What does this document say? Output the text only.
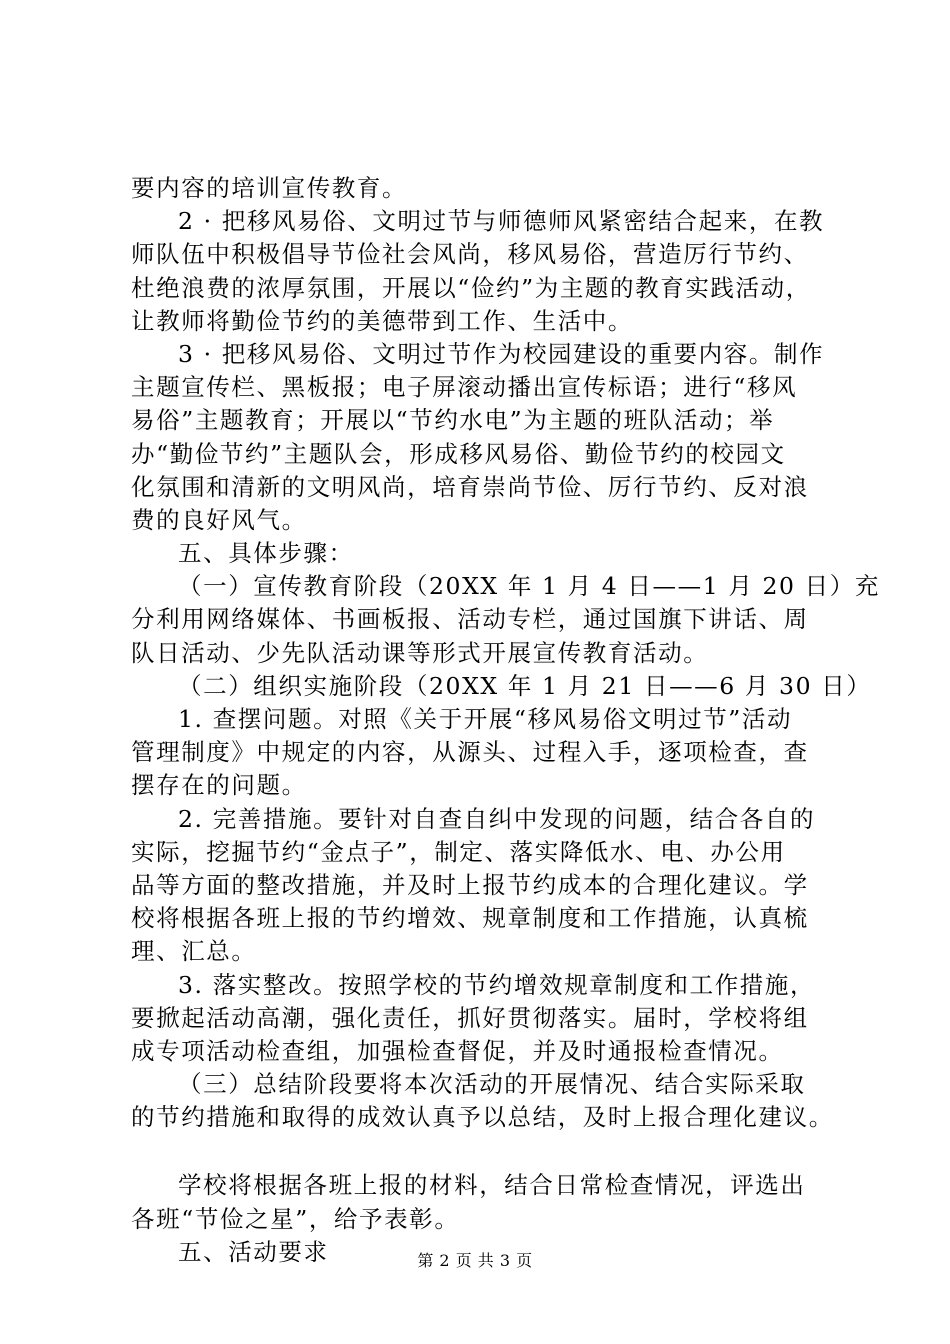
要内容的培训宣传教育。
2 · 把移风易俗、文明过节与师德师风紧密结合起来，在教
师队伍中积极倡导节俭社会风尚，移风易俗，营造厉行节约、
杜绝浪费的浓厚氛围，开展以“俭约”为主题的教育实践活动，
让教师将勤俭节约的美德带到工作、生活中。
3 · 把移风易俗、文明过节作为校园建设的重要内容。制作
主题宣传栏、黑板报；电子屏滚动播出宣传标语；进行“移风
易俗”主题教育；开展以“节约水电”为主题的班队活动；举
办“勤俭节约”主题队会，形成移风易俗、勤俭节约的校园文
化氛围和清新的文明风尚，培育崇尚节俭、厉行节约、反对浪
费的良好风气。
五、具体步骤：
（一）宣传教育阶段（20XX 年 1 月 4 日——1 月 20 日）充
分利用网络媒体、书画板报、活动专栏，通过国旗下讲话、周
队日活动、少先队活动课等形式开展宣传教育活动。
（二）组织实施阶段（20XX 年 1 月 21 日——6 月 30 日）
1. 查摆问题。对照《关于开展“移风易俗文明过节”活动
管理制度》中规定的内容，从源头、过程入手，逐项检查，查
摆存在的问题。
2. 完善措施。要针对自查自纠中发现的问题，结合各自的
实际，挖掘节约“金点子”，制定、落实降低水、电、办公用
品等方面的整改措施，并及时上报节约成本的合理化建议。学
校将根据各班上报的节约增效、规章制度和工作措施，认真梳
理、汇总。
3. 落实整改。按照学校的节约增效规章制度和工作措施，
要掀起活动高潮，强化责任，抓好贯彻落实。届时，学校将组
成专项活动检查组，加强检查督促，并及时通报检查情况。
（三）总结阶段要将本次活动的开展情况、结合实际采取
的节约措施和取得的成效认真予以总结，及时上报合理化建议。
学校将根据各班上报的材料，结合日常检查情况，评选出
各班“节俭之星”，给予表彰。
五、活动要求	第 2 页 共 3 页
